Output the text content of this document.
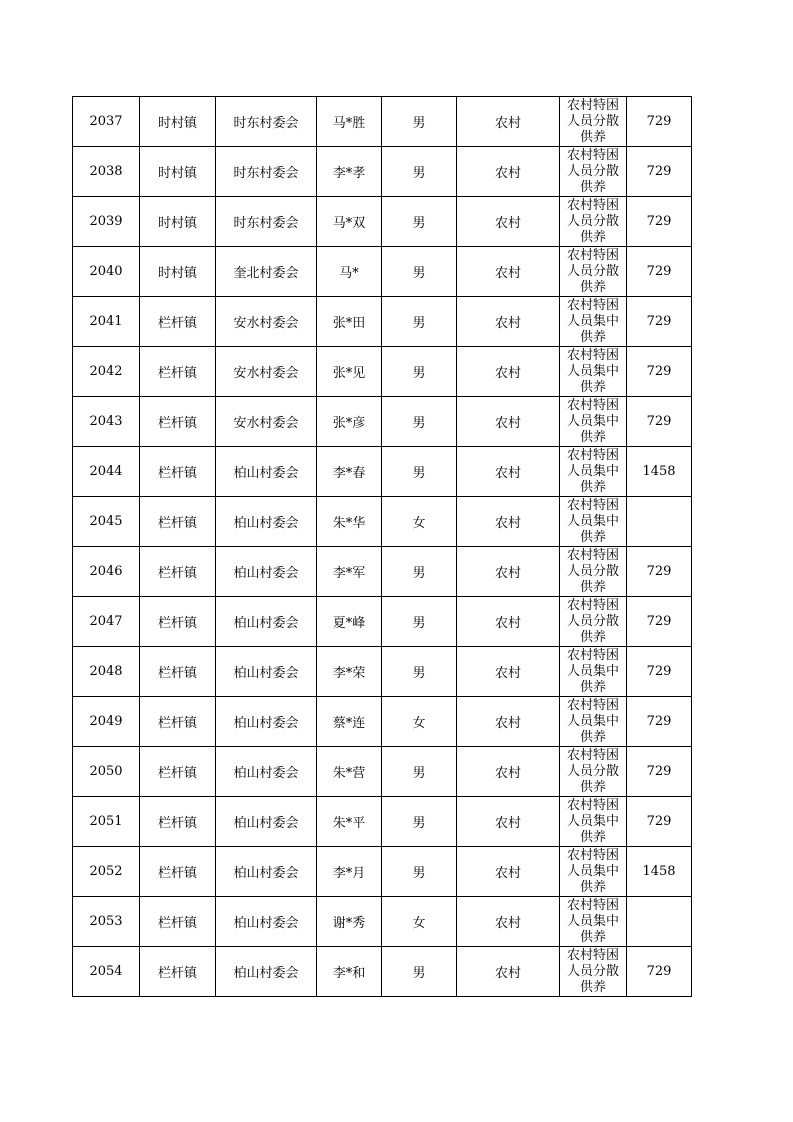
2037	时村镇	时东村委会	马*胜	男	农村	农村特困
人员分散
供养	729
2038	时村镇	时东村委会	李*孝	男	农村	农村特困
人员分散
供养	729
2039	时村镇	时东村委会	马*双	男	农村	农村特困
人员分散
供养	729
2040	时村镇	奎北村委会	马*	男	农村	农村特困
人员分散
供养	729
2041	栏杆镇	安水村委会	张*田	男	农村	农村特困
人员集中
供养	729
2042	栏杆镇	安水村委会	张*见	男	农村	农村特困
人员集中
供养	729
2043	栏杆镇	安水村委会	张*彦	男	农村	农村特困
人员集中
供养	729
2044	栏杆镇	柏山村委会	李*春	男	农村	农村特困
人员集中
供养	1458
2045	栏杆镇	柏山村委会	朱*华	女	农村	农村特困
人员集中
供养	

2046	栏杆镇	柏山村委会	李*军	男	农村	农村特困
人员分散
供养	729
2047	栏杆镇	柏山村委会	夏*峰	男	农村	农村特困
人员分散
供养	729
2048	栏杆镇	柏山村委会	李*荣	男	农村	农村特困
人员集中
供养	729
2049	栏杆镇	柏山村委会	蔡*连	女	农村	农村特困
人员集中
供养	729
2050	栏杆镇	柏山村委会	朱*营	男	农村	农村特困
人员分散
供养	729
2051	栏杆镇	柏山村委会	朱*平	男	农村	农村特困
人员集中
供养	729
2052	栏杆镇	柏山村委会	李*月	男	农村	农村特困
人员集中
供养	1458
2053	栏杆镇	柏山村委会	谢*秀	女	农村	农村特困
人员集中
供养	

2054	栏杆镇	柏山村委会	李*和	男	农村	农村特困
人员分散
供养	729
